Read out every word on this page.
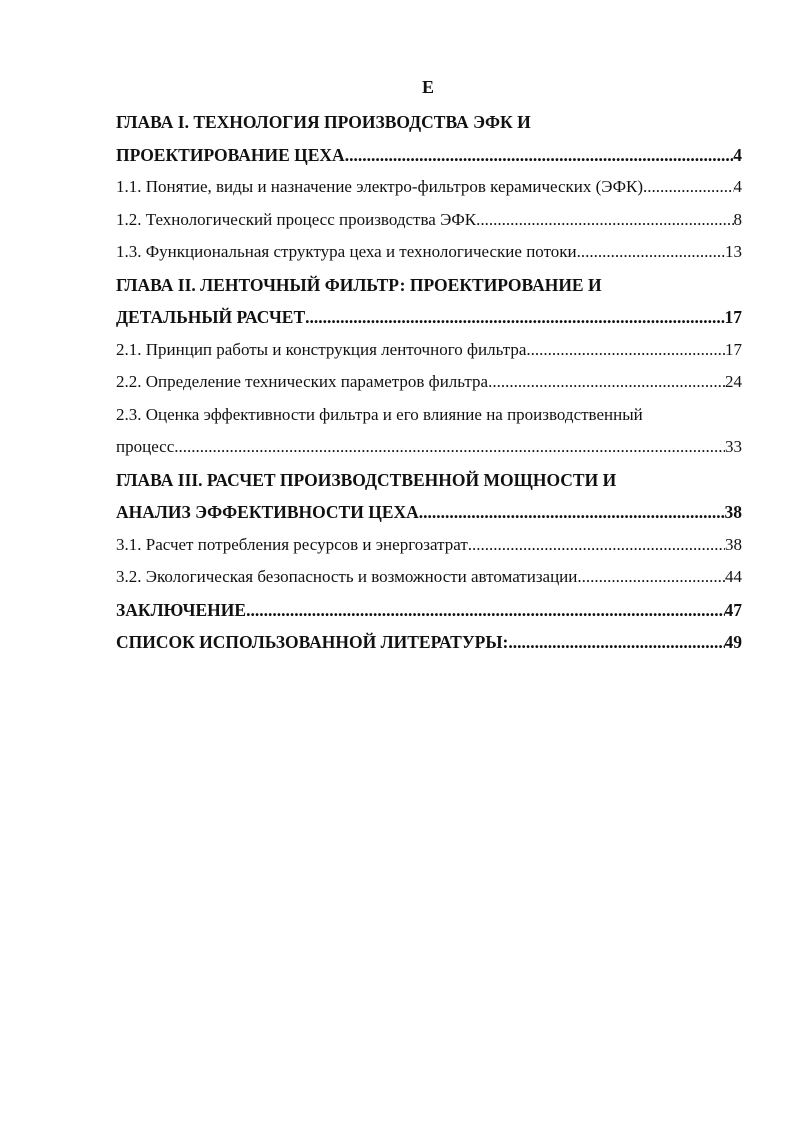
Е
ГЛАВА I. ТЕХНОЛОГИЯ ПРОИЗВОДСТВА ЭФК И
ПРОЕКТИРОВАНИЕ ЦЕХА .....	4
1.1. Понятие, виды и назначение электро-фильтров керамических (ЭФК) .....	4
1.2. Технологический процесс производства ЭФК .....	8
1.3. Функциональная структура цеха и технологические потоки .....	13
ГЛАВА II. ЛЕНТОЧНЫЙ ФИЛЬТР: ПРОЕКТИРОВАНИЕ И
ДЕТАЛЬНЫЙ РАСЧЕТ .....	17
2.1. Принцип работы и конструкция ленточного фильтра .....	17
2.2. Определение технических параметров фильтра .....	24
2.3. Оценка эффективности фильтра и его влияние на производственный
процесс .....	33
ГЛАВА III. РАСЧЕТ ПРОИЗВОДСТВЕННОЙ МОЩНОСТИ И
АНАЛИЗ ЭФФЕКТИВНОСТИ ЦЕХА .....	38
3.1. Расчет потребления ресурсов и энергозатрат .....	38
3.2. Экологическая безопасность и возможности автоматизации .....	44
ЗАКЛЮЧЕНИЕ .....	47
СПИСОК ИСПОЛЬЗОВАННОЙ ЛИТЕРАТУРЫ: .....	49
